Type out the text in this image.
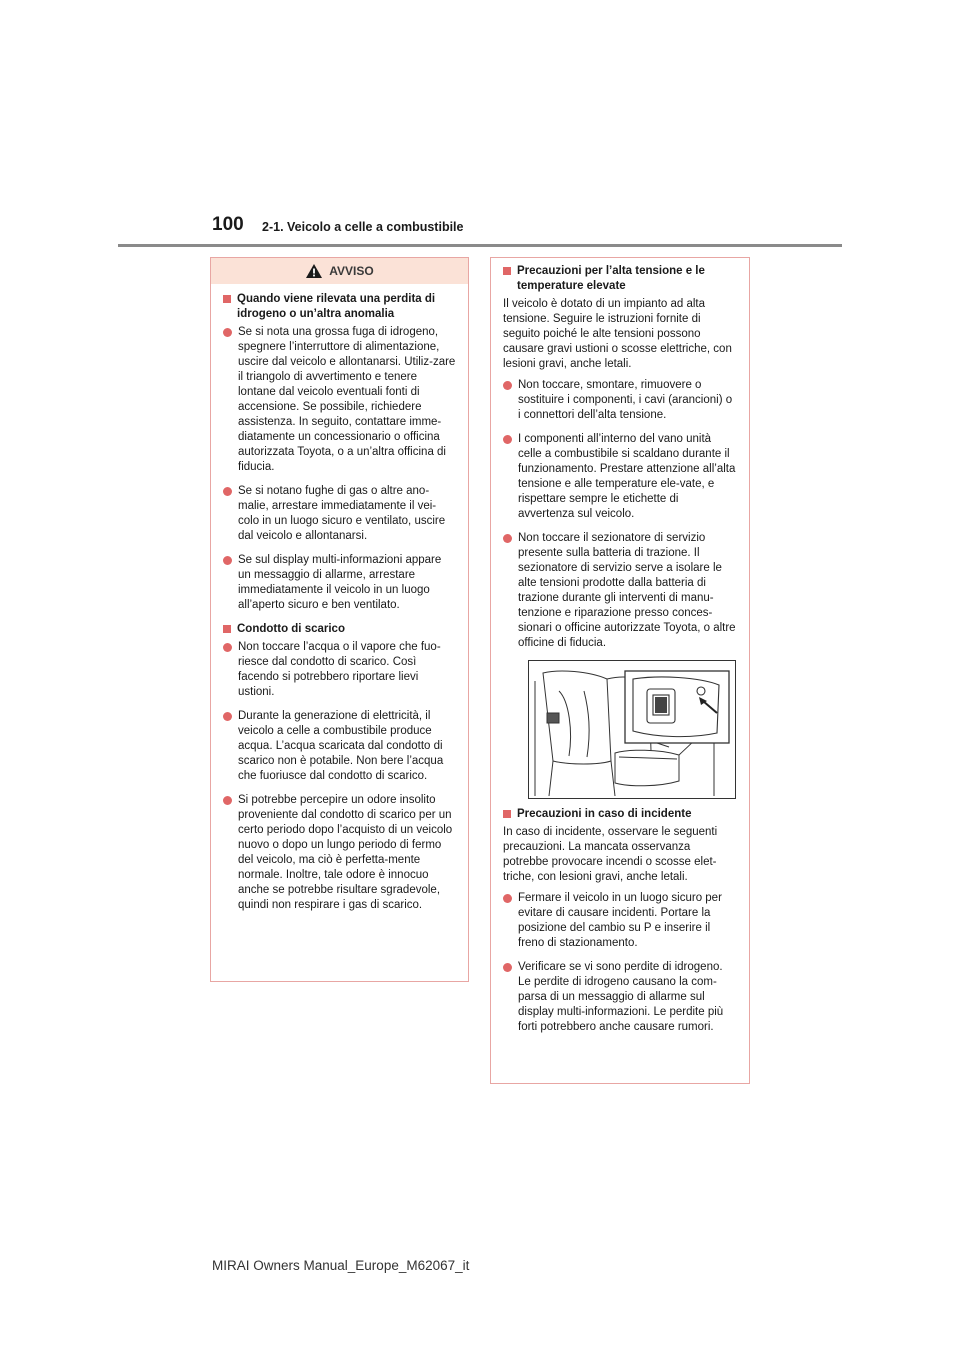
100 2-1. Veicolo a celle a combustibile
AVVISO
Quando viene rilevata una perdita di idrogeno o un’altra anomalia
Se si nota una grossa fuga di idrogeno, spegnere l’interruttore di alimentazione, uscire dal veicolo e allontanarsi. Utiliz-zare il triangolo di avvertimento e tenere lontane dal veicolo eventuali fonti di accensione. Se possibile, richiedere assistenza. In seguito, contattare imme-diatamente un concessionario o officina autorizzata Toyota, o a un’altra officina di fiducia.
Se si notano fughe di gas o altre ano-malie, arrestare immediatamente il vei-colo in un luogo sicuro e ventilato, uscire dal veicolo e allontanarsi.
Se sul display multi-informazioni appare un messaggio di allarme, arrestare immediatamente il veicolo in un luogo all’aperto sicuro e ben ventilato.
Condotto di scarico
Non toccare l’acqua o il vapore che fuo-riesce dal condotto di scarico. Così facendo si potrebbero riportare lievi ustioni.
Durante la generazione di elettricità, il veicolo a celle a combustibile produce acqua. L’acqua scaricata dal condotto di scarico non è potabile. Non bere l’acqua che fuoriusce dal condotto di scarico.
Si potrebbe percepire un odore insolito proveniente dal condotto di scarico per un certo periodo dopo l’acquisto di un veicolo nuovo o dopo un lungo periodo di fermo del veicolo, ma ciò è perfetta-mente normale. Inoltre, tale odore è innocuo anche se potrebbe risultare sgradevole, quindi non respirare i gas di scarico.
Precauzioni per l’alta tensione e le temperature elevate
Il veicolo è dotato di un impianto ad alta tensione. Seguire le istruzioni fornite di seguito poiché le alte tensioni possono causare gravi ustioni o scosse elettriche, con lesioni gravi, anche letali.
Non toccare, smontare, rimuovere o sostituire i componenti, i cavi (arancioni) o i connettori dell’alta tensione.
I componenti all’interno del vano unità celle a combustibile si scaldano durante il funzionamento. Prestare attenzione all’alta tensione e alle temperature ele-vate, e rispettare sempre le etichette di avvertenza sul veicolo.
Non toccare il sezionatore di servizio presente sulla batteria di trazione. Il sezionatore di servizio serve a isolare le alte tensioni prodotte dalla batteria di trazione durante gli interventi di manu-tenzione e riparazione presso conces-sionari o officine autorizzate Toyota, o altre officine di fiducia.
Precauzioni in caso di incidente
In caso di incidente, osservare le seguenti precauzioni. La mancata osservanza potrebbe provocare incendi o scosse elet-triche, con lesioni gravi, anche letali.
Fermare il veicolo in un luogo sicuro per evitare di causare incidenti. Portare la posizione del cambio su P e inserire il freno di stazionamento.
Verificare se vi sono perdite di idrogeno. Le perdite di idrogeno causano la com-parsa di un messaggio di allarme sul display multi-informazioni. Le perdite più forti potrebbero anche causare rumori.
MIRAI Owners Manual_Europe_M62067_it
